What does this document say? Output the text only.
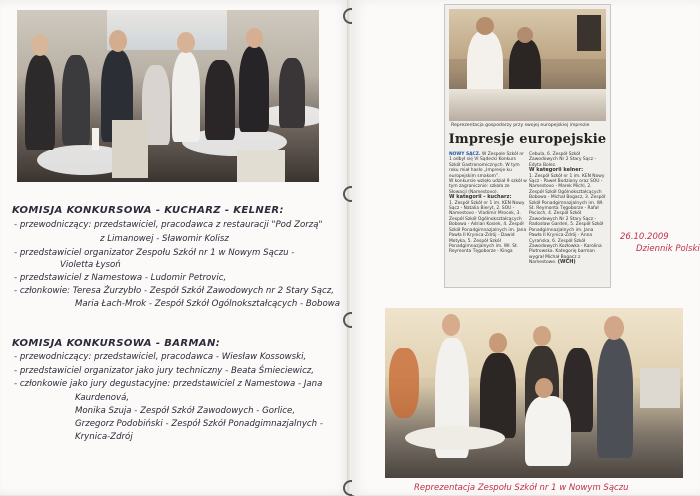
KOMISJA KONKURSOWA - KUCHARZ - KELNER:
- przewodniczący: przedstawiciel, pracodawca z restauracji "Pod Zorzą"
z Limanowej - Sławomir Kolisz
- przedstawiciel organizator Zespołu Szkół nr 1 w Nowym Sączu -
Violetta Łysoń
- przedstawiciel z Namestowa - Ludomir Petrovic,
- członkowie: Teresa Żurzybło - Zespół Szkół Zawodowych nr 2 Stary Sącz,
Maria Łach-Mrok - Zespół Szkół Ogólnokształcących - Bobowa
KOMISJA KONKURSOWA - BARMAN:
- przewodniczący: przedstawiciel, pracodawca - Wiesław Kossowski,
- przedstawiciel organizator jako jury techniczny - Beata Śmieciewicz,
- członkowie jako jury degustacyjne: przedstawiciel z Namestowa - Jana
Kaurdenová,
Monika Szuja - Zespół Szkół Zawodowych - Gorlice,
Grzegorz Podobiński - Zespół Szkół Ponadgimnazjalnych -
Krynica-Zdrój
Reprezentacja gospodarzy przy swojej europejskiej imprezie
Impresje europejskie
NOWY SĄCZ. W Zespole Szkół nr 1 odbył się VI Sądecki Konkurs Szkół Gastronomicznych. W tym roku miał hasło „Impresje ku europejskim smakom”.
W konkursie wzięło udział 9 szkół w tym zagranicznie: szkoła ze Słowacji (Namestovo).
W kategorii - kucharz:
1. Zespół Szkół nr 1 im. KEN Nowy Sącz - Natalia Bieryt, 2. SOU - Namestovo - Vladimir Mrocek, 3. Zespół Szkół Ogólnokształcących Bobowa - Adrian Kosiek, 4. Zespół Szkół Ponadgimnazjalnych im. Jana Pawła II Krynica-Zdrój - Dawid Motyka, 5. Zespół Szkół Ponadgimnazjalnych im. Wł. St. Reymonta Tęgoborze - Kinga
Cebula, 6. Zespół Szkół Zawodowych Nr 2 Stary Sącz - Edyta Bolez.
W kategorii kelner:
1. Zespół Szkół nr 1 im. KEN Nowy Sącz - Paweł Bodziony oraz SOU - Namestovo - Marek Michl, 2. Zespół Szkół Ogólnokształcących Bobowa - Michał Bogacz, 3. Zespół Szkół Ponadgimnazjalnych im. Wł. St. Reymonta Tęgoborze - Rafał Pocisch, 4. Zespół Szkół Zawodowych Nr 2 Stary Sącz - Radosław Gardeń, 5. Zespół Szkół Ponadgimnazjalnych im. Jana Pawła II Krynica-Zdrój - Anna Cyrańska, 6. Zespół Szkół Zawodowych Kozłowka - Karolina Piotrowska. Kategorię barman wygrał Michał Bogacz z Namestowe. (WCH)
26.10.2009
Dziennik Polski
Reprezentacja Zespołu Szkół nr 1 w Nowym Sączu
